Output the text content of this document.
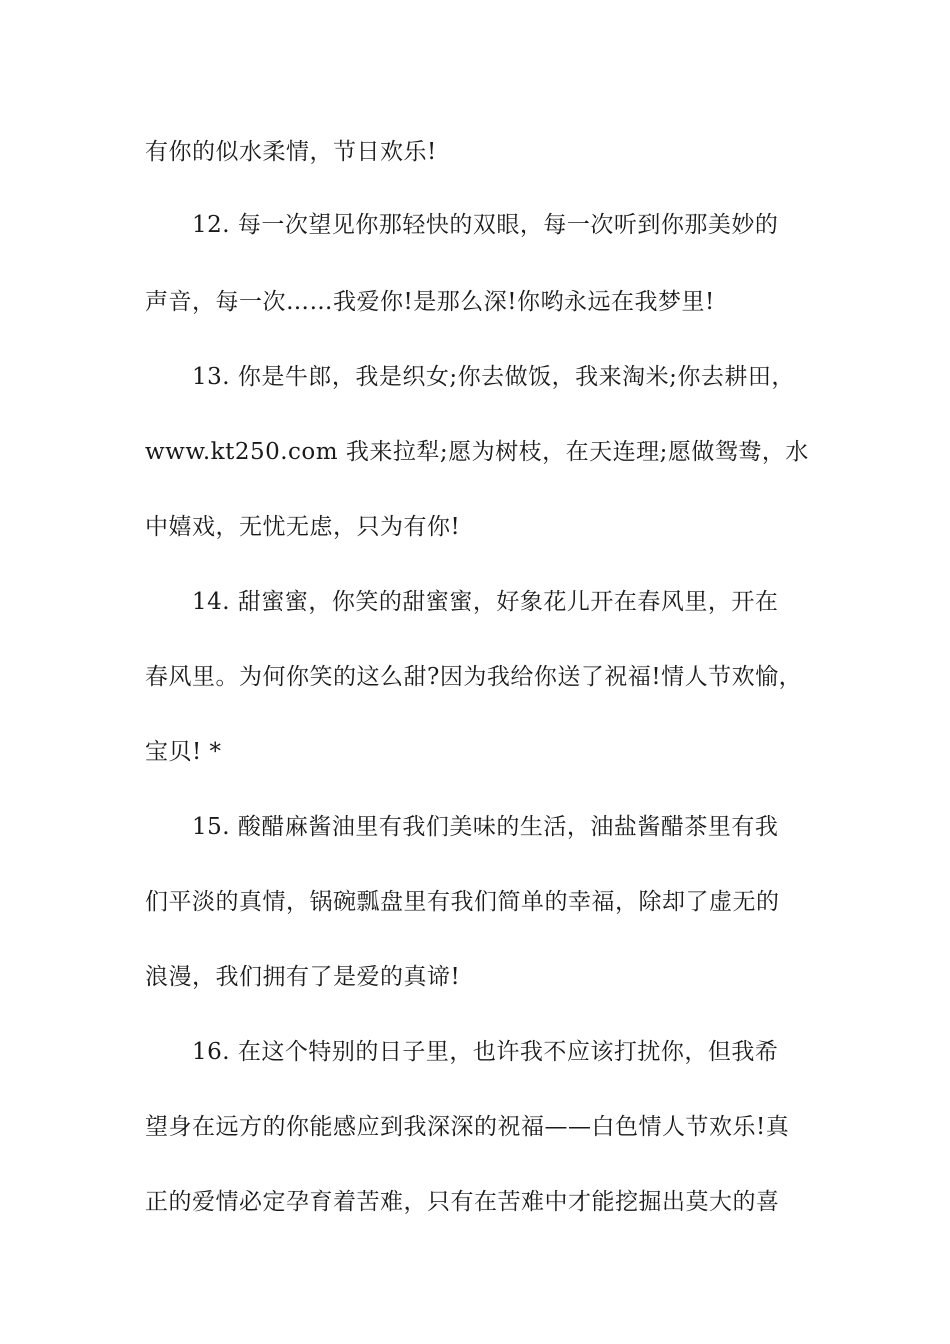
有你的似水柔情，节日欢乐!
12. 每一次望见你那轻快的双眼，每一次听到你那美妙的
声音，每一次……我爱你!是那么深!你哟永远在我梦里!
13. 你是牛郎，我是织女;你去做饭，我来淘米;你去耕田，
www.kt250.com 我来拉犁;愿为树枝，在天连理;愿做鸳鸯，水
中嬉戏，无忧无虑，只为有你!
14. 甜蜜蜜，你笑的甜蜜蜜，好象花儿开在春风里，开在
春风里。为何你笑的这么甜?因为我给你送了祝福!情人节欢愉，
宝贝! *
15. 酸醋麻酱油里有我们美味的生活，油盐酱醋茶里有我
们平淡的真情，锅碗瓢盘里有我们简单的幸福，除却了虚无的
浪漫，我们拥有了是爱的真谛!
16. 在这个特别的日子里，也许我不应该打扰你，但我希
望身在远方的你能感应到我深深的祝福——白色情人节欢乐!真
正的爱情必定孕育着苦难，只有在苦难中才能挖掘出莫大的喜
